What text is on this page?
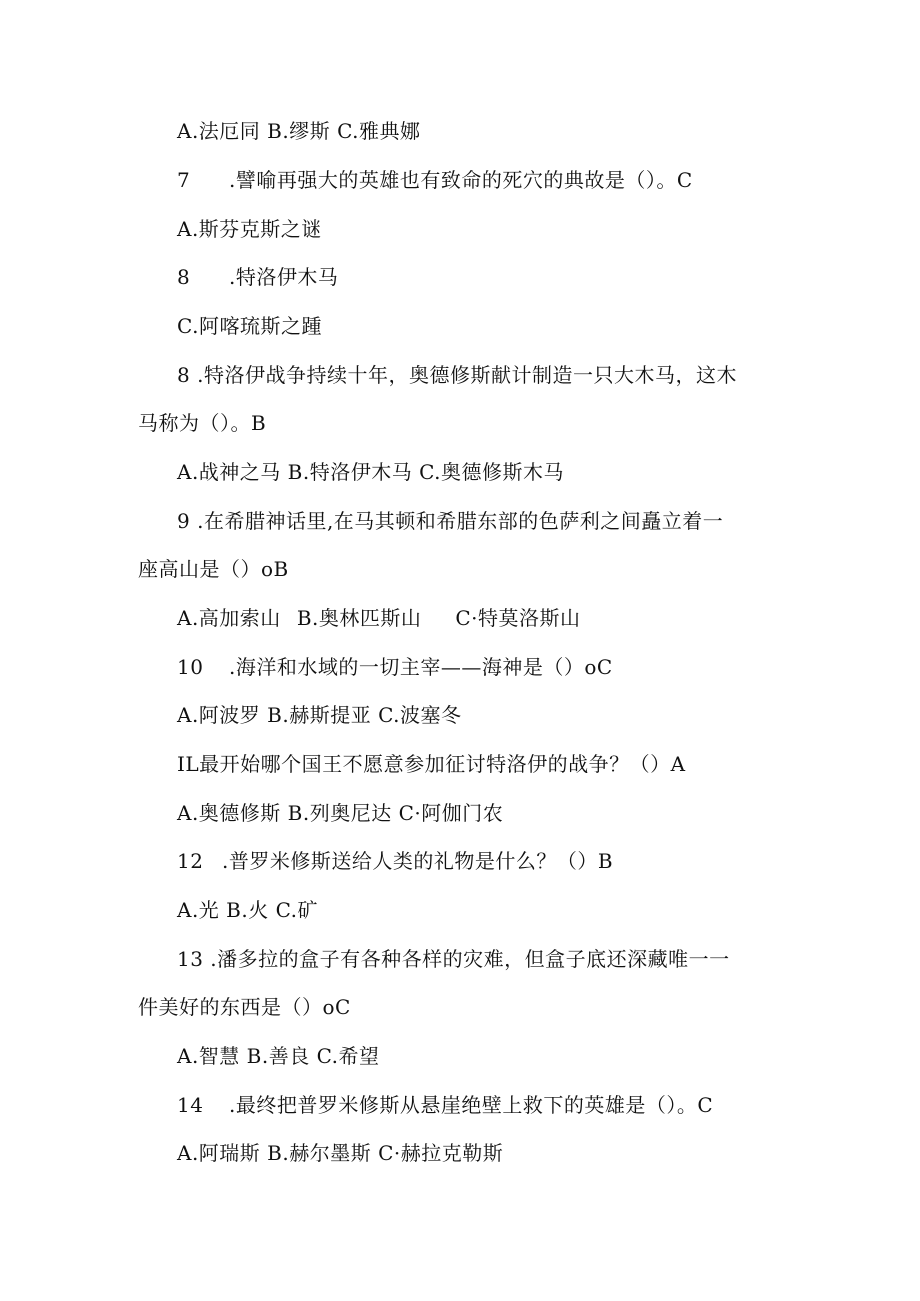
A.法厄同 B.缪斯 C.雅典娜
7	.譬喻再强大的英雄也有致命的死穴的典故是（）。C
A.斯芬克斯之谜
8	.特洛伊木马
C.阿喀琉斯之踵
8 .特洛伊战争持续十年，奥德修斯献计制造一只大木马，这木
马称为（）。B
A.战神之马 B.特洛伊木马 C.奥德修斯木马
9 .在希腊神话里,在马其顿和希腊东部的色萨利之间矗立着一
座高山是（）oB
A.高加索山 B.奥林匹斯山 C·特莫洛斯山
10	.海洋和水域的一切主宰——海神是（）oC
A.阿波罗 B.赫斯提亚 C.波塞冬
IL最开始哪个国王不愿意参加征讨特洛伊的战争？（）A
A.奥德修斯 B.列奥尼达 C·阿伽门农
12 .普罗米修斯送给人类的礼物是什么？（）B
A.光 B.火 C.矿
13 .潘多拉的盒子有各种各样的灾难，但盒子底还深藏唯一一
件美好的东西是（）oC
A.智慧 B.善良 C.希望
14	.最终把普罗米修斯从悬崖绝壁上救下的英雄是（）。C
A.阿瑞斯 B.赫尔墨斯 C·赫拉克勒斯
